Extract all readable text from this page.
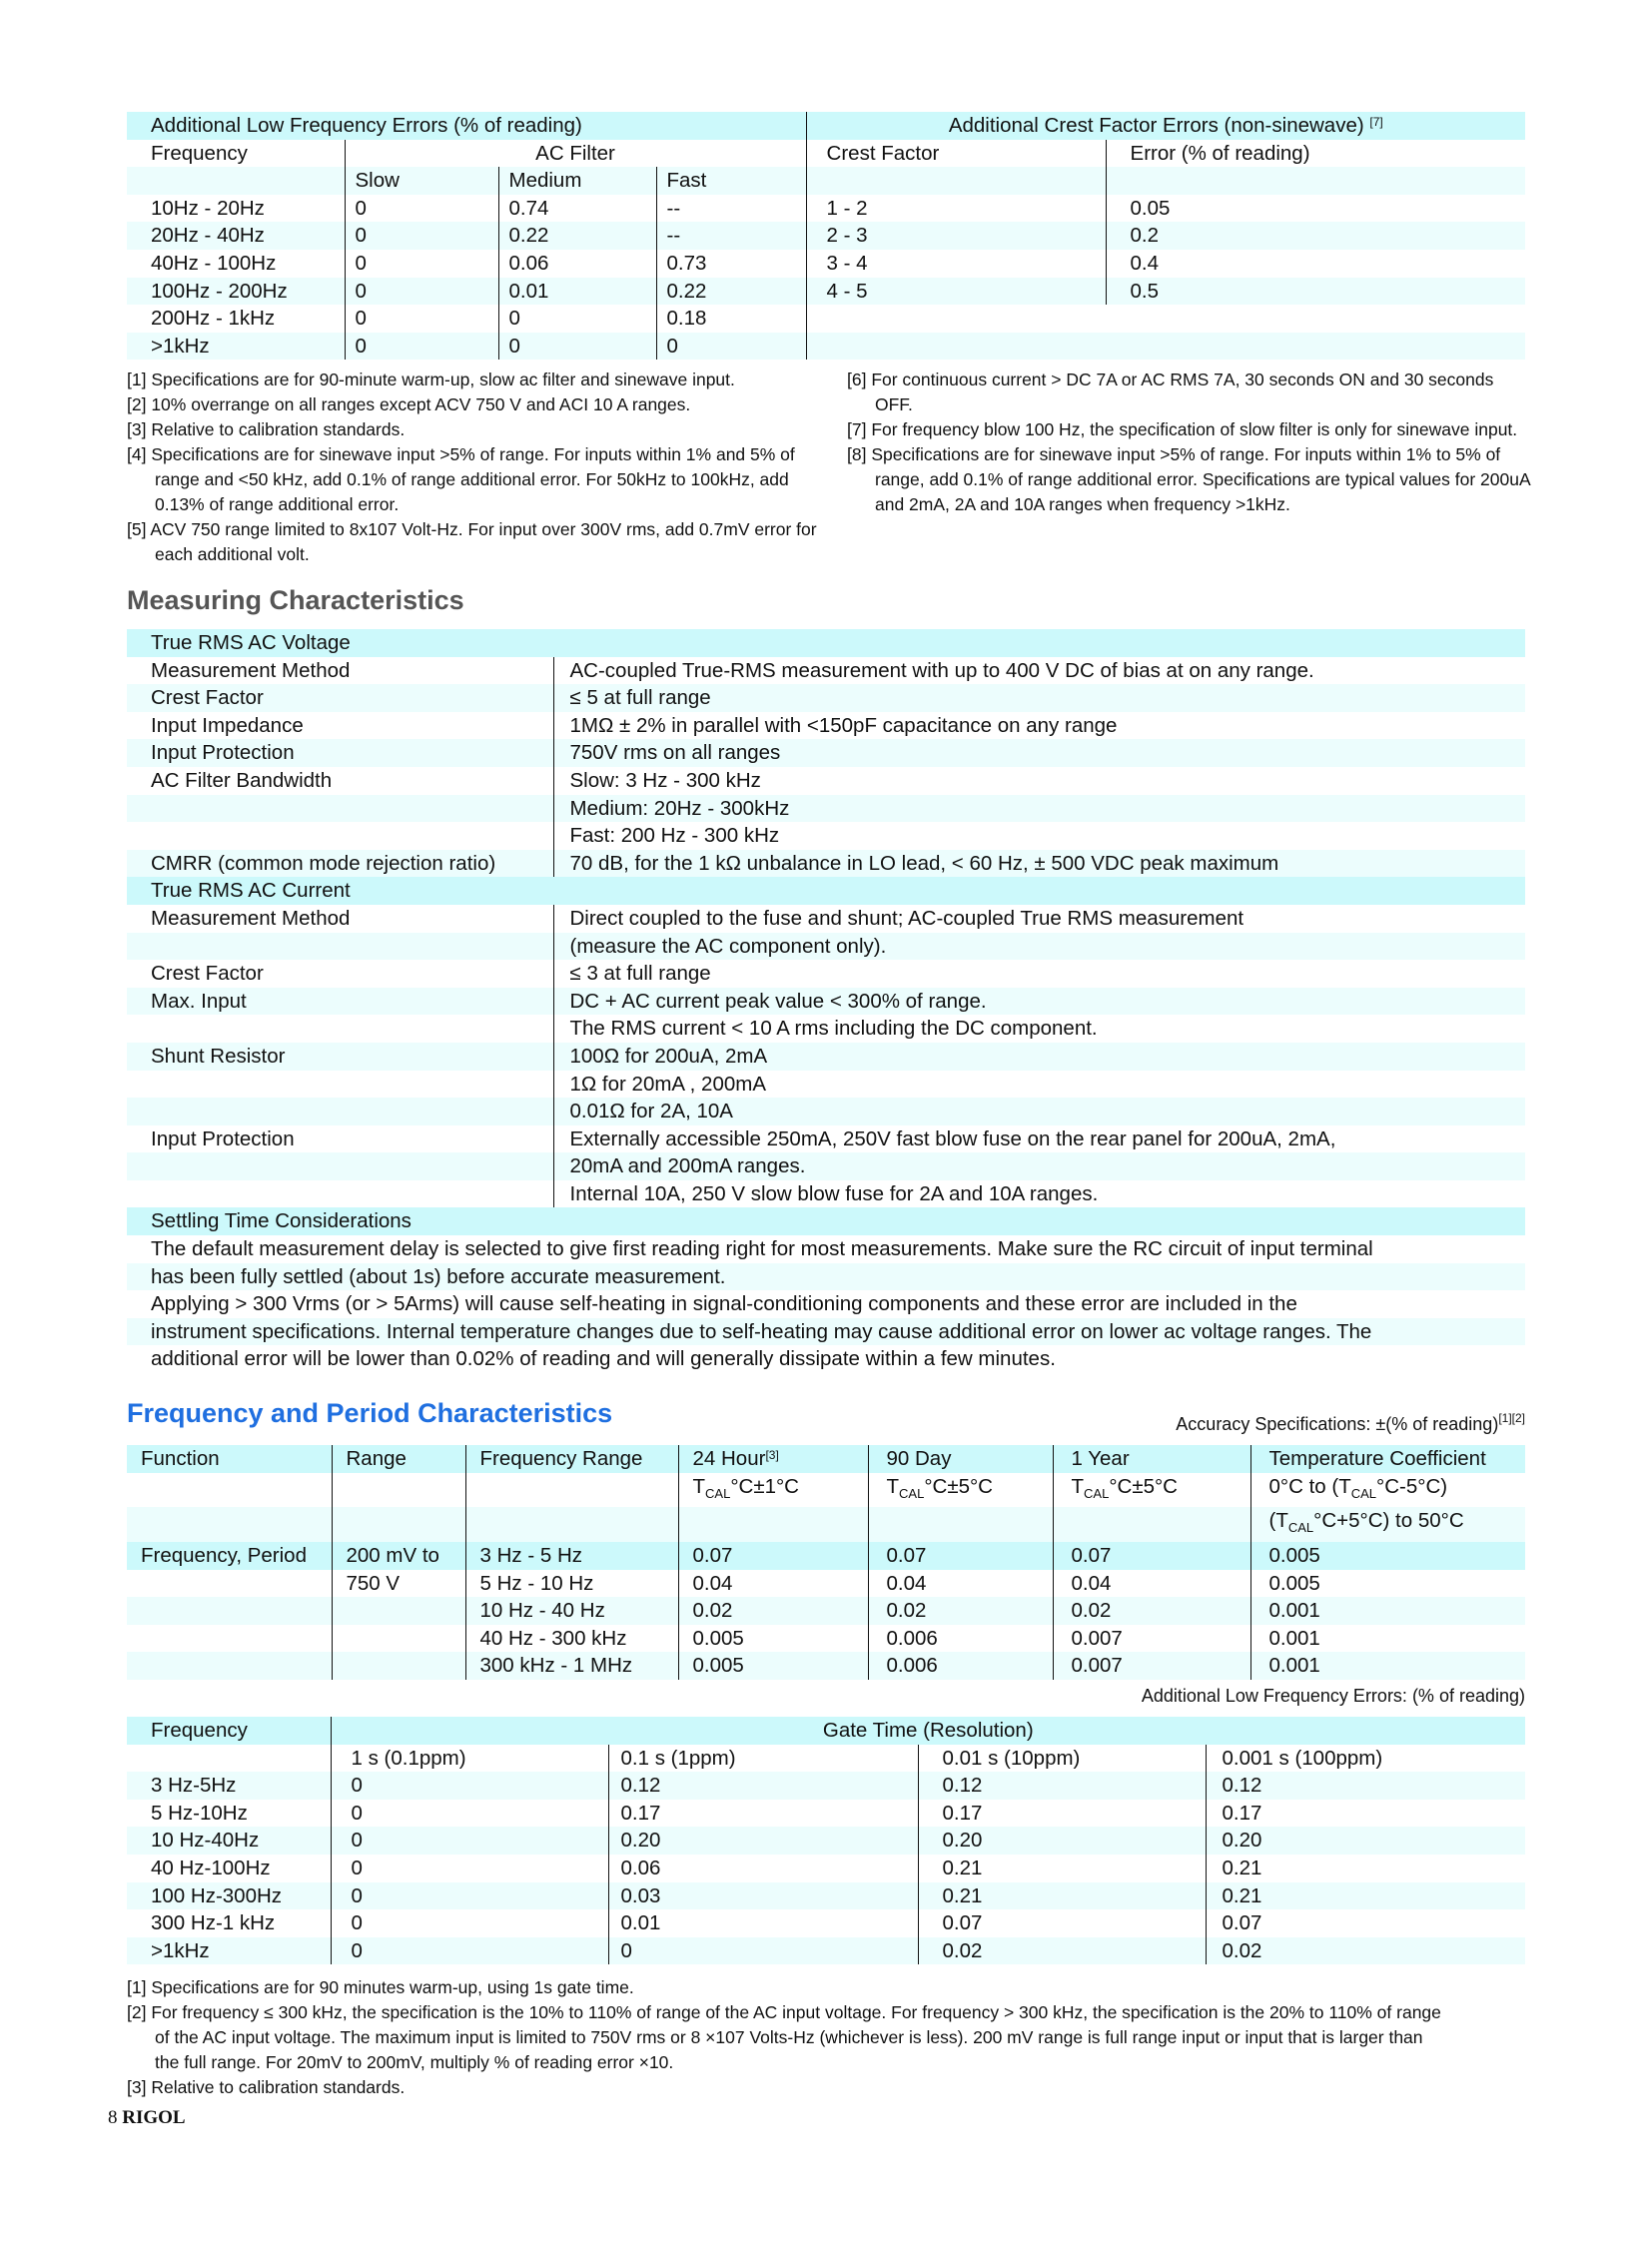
Additional Low Frequency Errors (% of reading)				Additional Crest Factor Errors (non-sinewave) [7]
Frequency	AC Filter			Crest Factor	Error (% of reading)
	Slow	Medium	Fast		
10Hz - 20Hz	0	0.74	--	1 - 2	0.05
20Hz - 40Hz	0	0.22	--	2 - 3	0.2
40Hz - 100Hz	0	0.06	0.73	3 - 4	0.4
100Hz - 200Hz	0	0.01	0.22	4 - 5	0.5
200Hz - 1kHz	0	0	0.18		
>1kHz	0	0	0		
[1] Specifications are for 90-minute warm-up, slow ac filter and sinewave input.
[2] 10% overrange on all ranges except ACV 750 V and ACI 10 A ranges.
[3] Relative to calibration standards.
[4] Specifications are for sinewave input >5% of range. For inputs within 1% and 5% of range and <50 kHz, add 0.1% of range additional error. For 50kHz to 100kHz, add 0.13% of range additional error.
[5] ACV 750 range limited to 8x107 Volt-Hz. For input over 300V rms, add 0.7mV error for each additional volt.
[6] For continuous current > DC 7A or AC RMS 7A, 30 seconds ON and 30 seconds OFF.
[7] For frequency blow 100 Hz, the specification of slow filter is only for sinewave input.
[8] Specifications are for sinewave input >5% of range. For inputs within 1% to 5% of range, add 0.1% of range additional error. Specifications are typical values for 200uA and 2mA, 2A and 10A ranges when frequency >1kHz.
Measuring Characteristics
True RMS AC Voltage	
Measurement Method	AC-coupled True-RMS measurement with up to 400 V DC of bias at on any range.
Crest Factor	≤ 5 at full range
Input Impedance	1MΩ ± 2% in parallel with <150pF capacitance on any range
Input Protection	750V rms on all ranges
AC Filter Bandwidth	Slow: 3 Hz - 300 kHz
	Medium: 20Hz - 300kHz
	Fast: 200 Hz - 300 kHz
CMRR (common mode rejection ratio)	70 dB, for the 1 kΩ unbalance in LO lead, < 60 Hz, ± 500 VDC peak maximum
True RMS AC Current	
Measurement Method	Direct coupled to the fuse and shunt; AC-coupled True RMS measurement
	(measure the AC component only).
Crest Factor	≤ 3 at full range
Max. Input	DC + AC current peak value < 300% of range.
	The RMS current < 10 A rms including the DC component.
Shunt Resistor	100Ω for 200uA, 2mA
	1Ω for 20mA , 200mA
	0.01Ω for 2A, 10A
Input Protection	Externally accessible 250mA, 250V fast blow fuse on the rear panel for 200uA, 2mA,
	20mA and 200mA ranges.
	Internal 10A, 250 V slow blow fuse for 2A and 10A ranges.
Settling Time Considerations	
The default measurement delay is selected to give first reading right for most measurements. Make sure the RC circuit of input terminal	
has been fully settled (about 1s) before accurate measurement.	
Applying > 300 Vrms (or > 5Arms) will cause self-heating in signal-conditioning components and these error are included in the	
instrument specifications. Internal temperature changes due to self-heating may cause additional error on lower ac voltage ranges. The	
additional error will be lower than 0.02% of reading and will generally dissipate within a few minutes.	
Frequency and Period Characteristics	Accuracy Specifications: ±(% of reading)[1][2]
Function	Range	Frequency Range	24 Hour[3]	90 Day	1 Year	Temperature Coefficient
			$T_{CAL}^\circ C\pm 1^\circ C$	$T_{CAL}^\circ C\pm 5^\circ C$	$T_{CAL}^\circ C\pm 5^\circ C$	0°C to $(T_{CAL}^\circ C-5^\circ C)$
						$(T_{CAL}^\circ C+5^\circ C)$ to 50°C
Frequency, Period	200 mV to	3 Hz - 5 Hz	0.07	0.07	0.07	0.005
	750 V	5 Hz - 10 Hz	0.04	0.04	0.04	0.005
		10 Hz - 40 Hz	0.02	0.02	0.02	0.001
		40 Hz - 300 kHz	0.005	0.006	0.007	0.001
		300 kHz - 1 MHz	0.005	0.006	0.007	0.001
Additional Low Frequency Errors: (% of reading)
Frequency	Gate Time (Resolution)			
	1 s (0.1ppm)	0.1 s (1ppm)	0.01 s (10ppm)	0.001 s (100ppm)
3 Hz-5Hz	0	0.12	0.12	0.12
5 Hz-10Hz	0	0.17	0.17	0.17
10 Hz-40Hz	0	0.20	0.20	0.20
40 Hz-100Hz	0	0.06	0.21	0.21
100 Hz-300Hz	0	0.03	0.21	0.21
300 Hz-1 kHz	0	0.01	0.07	0.07
>1kHz	0	0	0.02	0.02
[1] Specifications are for 90 minutes warm-up, using 1s gate time.
[2] For frequency ≤ 300 kHz, the specification is the 10% to 110% of range of the AC input voltage. For frequency > 300 kHz, the specification is the 20% to 110% of range of the AC input voltage. The maximum input is limited to 750V rms or 8 ×107 Volts-Hz (whichever is less). 200 mV range is full range input or input that is larger than the full range. For 20mV to 200mV, multiply % of reading error ×10.
[3] Relative to calibration standards.
8 RIGOL
